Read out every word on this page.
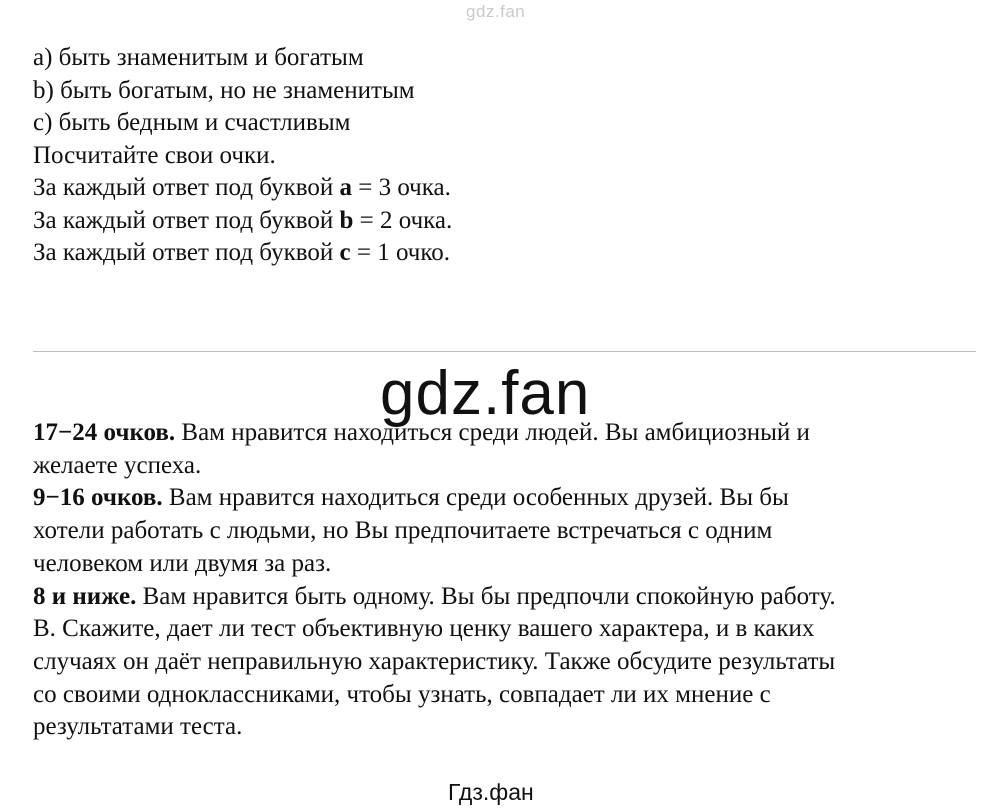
gdz.fan
a) быть знаменитым и богатым
b) быть богатым, но не знаменитым
c) быть бедным и счастливым
Посчитайте свои очки.
За каждый ответ под буквой a = 3 очка.
За каждый ответ под буквой b = 2 очка.
За каждый ответ под буквой c = 1 очко.
gdz.fan
17−24 очков. Вам нравится находиться среди людей. Вы амбициозный и
желаете успеха.
9−16 очков. Вам нравится находиться среди особенных друзей. Вы бы
хотели работать с людьми, но Вы предпочитаете встречаться с одним
человеком или двумя за раз.
8 и ниже. Вам нравится быть одному. Вы бы предпочли спокойную работу.
B. Скажите, дает ли тест объективную ценку вашего характера, и в каких
случаях он даёт неправильную характеристику. Также обсудите результаты
со своими одноклассниками, чтобы узнать, совпадает ли их мнение с
результатами теста.
Гдз.фан
